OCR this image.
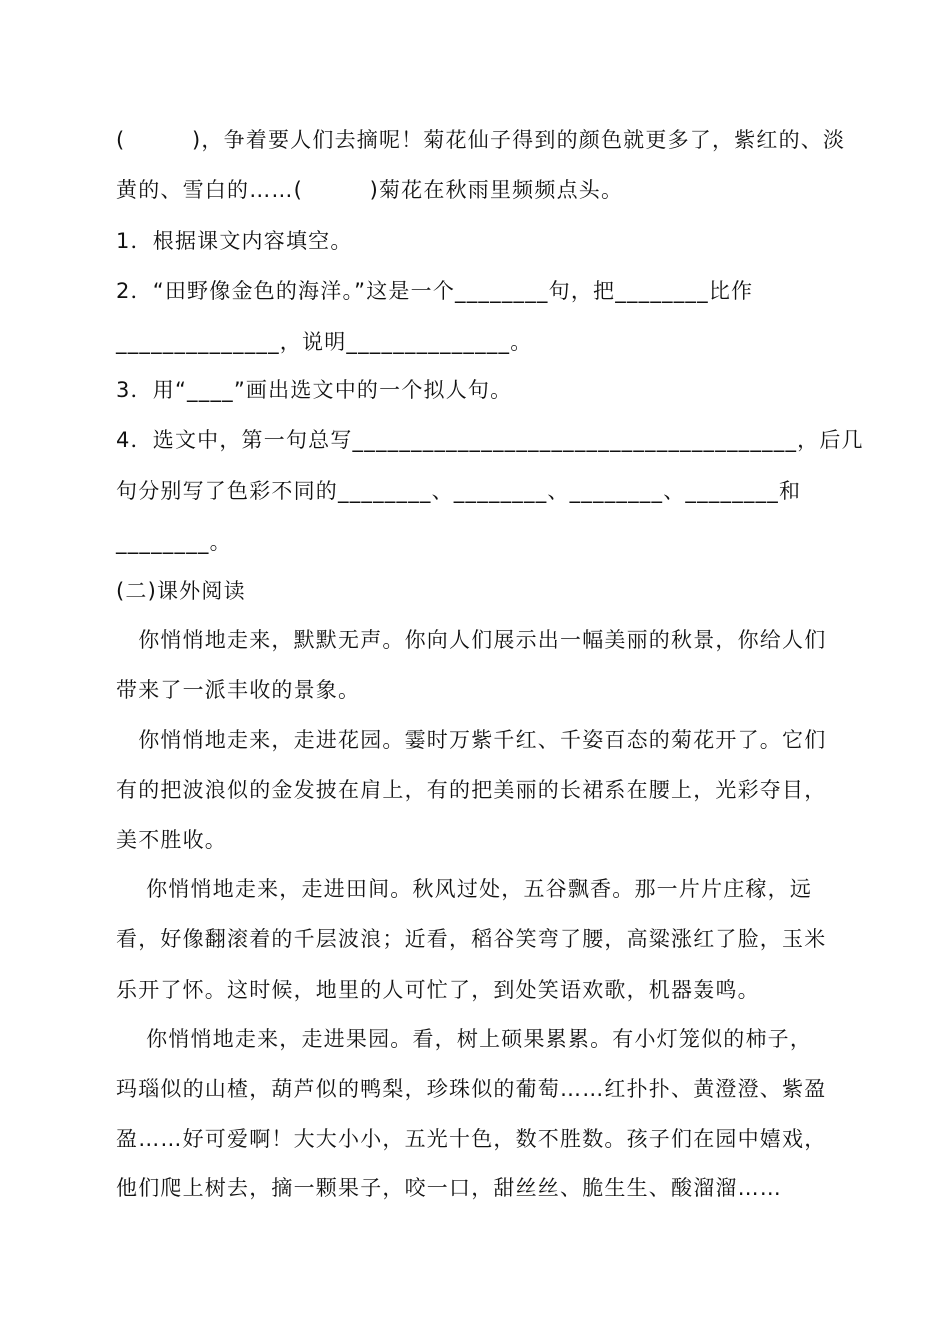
(　　　)，争着要人们去摘呢！菊花仙子得到的颜色就更多了，紫红的、淡
黄的、雪白的……(　　　)菊花在秋雨里频频点头。
1．根据课文内容填空。
2．“田野像金色的海洋。”这是一个________句，把________比作
______________，说明______________。
3．用“____”画出选文中的一个拟人句。
4．选文中，第一句总写______________________________________，后几
句分别写了色彩不同的________、________、________、________和
________。
(二)课外阅读
　你悄悄地走来，默默无声。你向人们展示出一幅美丽的秋景，你给人们
带来了一派丰收的景象。
　你悄悄地走来，走进花园。霎时万紫千红、千姿百态的菊花开了。它们
有的把波浪似的金发披在肩上，有的把美丽的长裙系在腰上，光彩夺目，
美不胜收。
　 你悄悄地走来，走进田间。秋风过处，五谷飘香。那一片片庄稼，远
看，好像翻滚着的千层波浪；近看，稻谷笑弯了腰，高粱涨红了脸，玉米
乐开了怀。这时候，地里的人可忙了，到处笑语欢歌，机器轰鸣。
　 你悄悄地走来，走进果园。看，树上硕果累累。有小灯笼似的柿子，
玛瑙似的山楂，葫芦似的鸭梨，珍珠似的葡萄……红扑扑、黄澄澄、紫盈
盈……好可爱啊！大大小小，五光十色，数不胜数。孩子们在园中嬉戏，
他们爬上树去，摘一颗果子，咬一口，甜丝丝、脆生生、酸溜溜……
